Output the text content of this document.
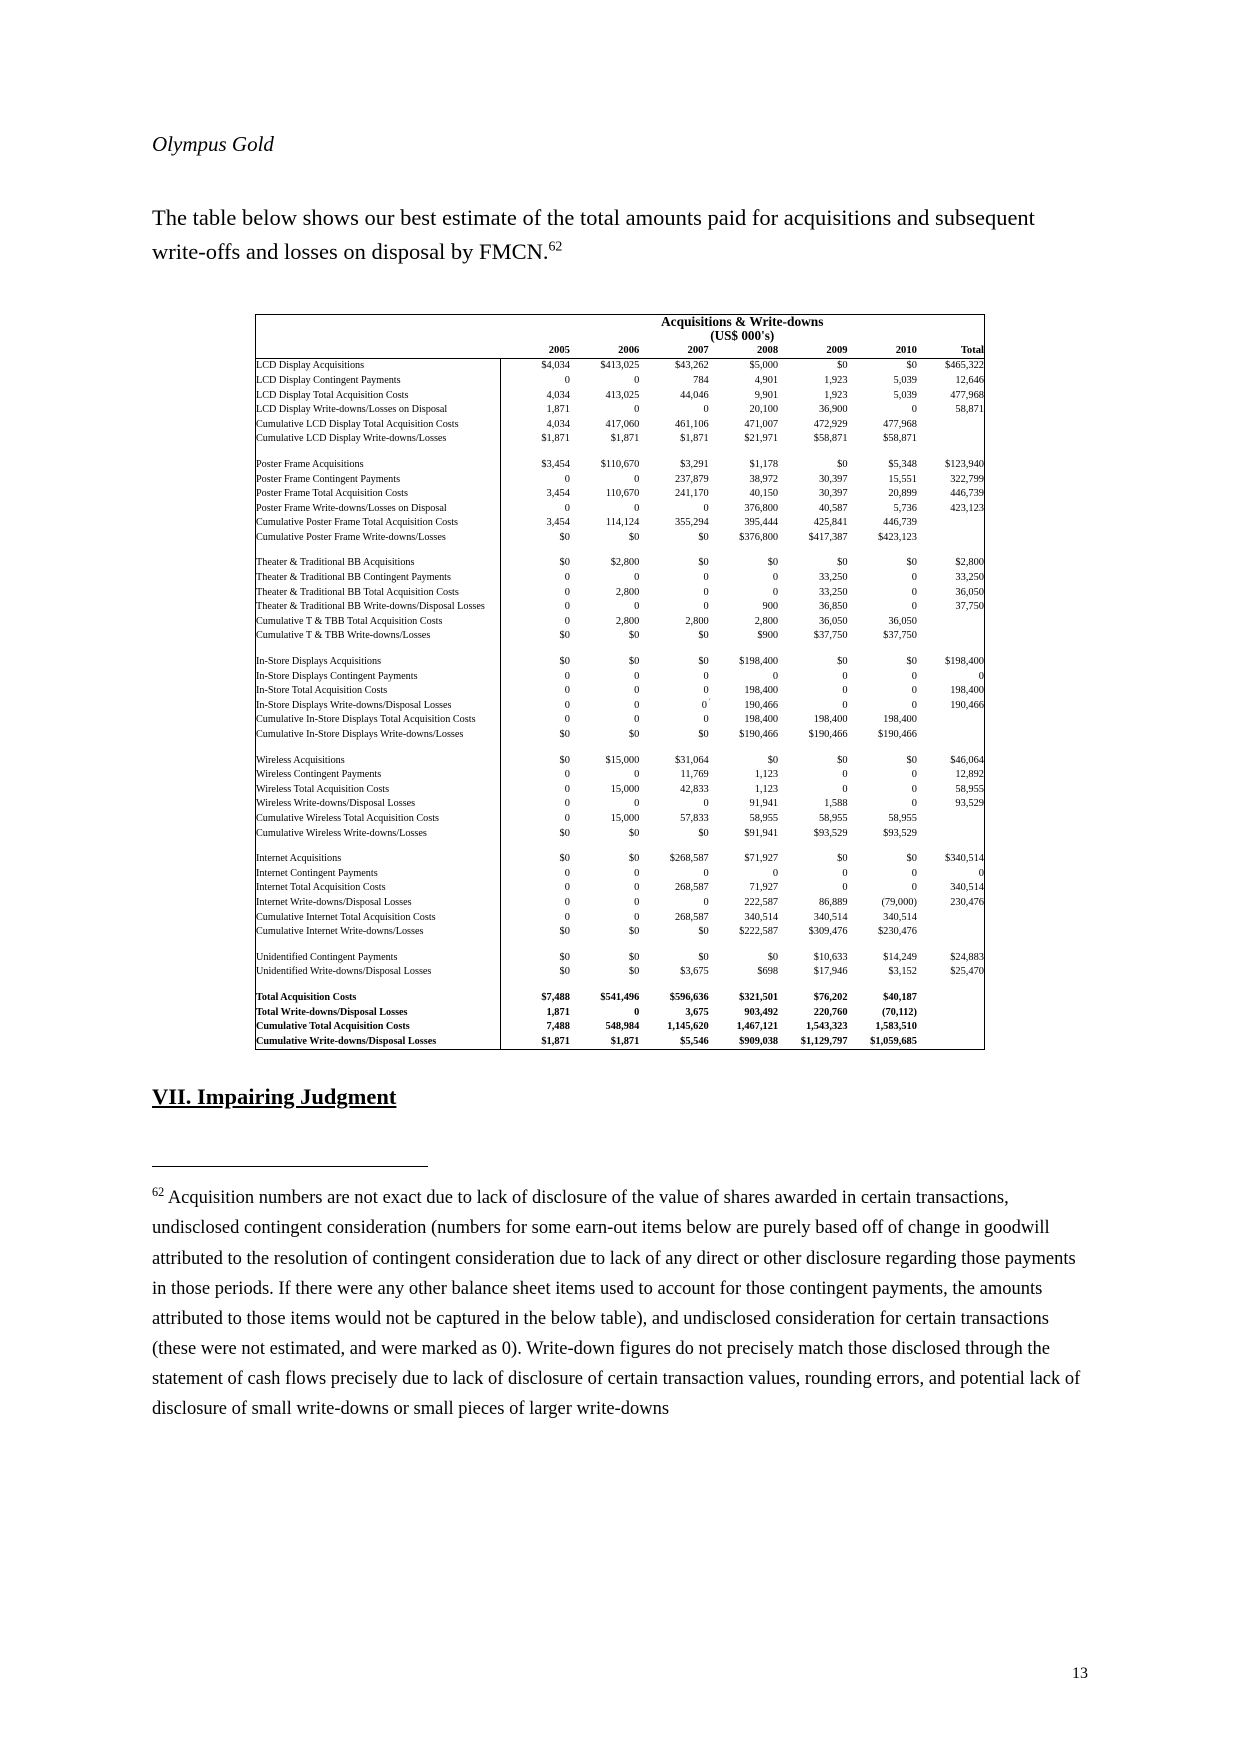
Olympus Gold

The table below shows our best estimate of the total amounts paid for acquisitions and subsequent write-offs and losses on disposal by FMCN.$^{62}$

	Acquisitions & Write-downs						
	(US$ 000's)						
	2005	2006	2007	2008	2009	2010	Total
LCD Display Acquisitions	$4,034	$413,025	$43,262	$5,000	$0	$0	$465,322
LCD Display Contingent Payments	0	0	784	4,901	1,923	5,039	12,646
LCD Display Total Acquisition Costs	4,034	413,025	44,046	9,901	1,923	5,039	477,968
LCD Display Write-downs/Losses on Disposal	1,871	0	0	20,100	36,900	0	58,871
Cumulative LCD Display Total Acquisition Costs	4,034	417,060	461,106	471,007	472,929	477,968	
Cumulative LCD Display Write-downs/Losses	$1,871	$1,871	$1,871	$21,971	$58,871	$58,871	

Poster Frame Acquisitions	$3,454	$110,670	$3,291	$1,178	$0	$5,348	$123,940
Poster Frame Contingent Payments	0	0	237,879	38,972	30,397	15,551	322,799
Poster Frame Total Acquisition Costs	3,454	110,670	241,170	40,150	30,397	20,899	446,739
Poster Frame Write-downs/Losses on Disposal	0	0	0	376,800	40,587	5,736	423,123
Cumulative Poster Frame Total Acquisition Costs	3,454	114,124	355,294	395,444	425,841	446,739	
Cumulative Poster Frame Write-downs/Losses	$0	$0	$0	$376,800	$417,387	$423,123	

Theater & Traditional BB Acquisitions	$0	$2,800	$0	$0	$0	$0	$2,800
Theater & Traditional BB Contingent Payments	0	0	0	0	33,250	0	33,250
Theater & Traditional BB Total Acquisition Costs	0	2,800	0	0	33,250	0	36,050
Theater & Traditional BB Write-downs/Disposal Losses	0	0	0	900	36,850	0	37,750
Cumulative T & TBB Total Acquisition Costs	0	2,800	2,800	2,800	36,050	36,050	
Cumulative T & TBB Write-downs/Losses	$0	$0	$0	$900	$37,750	$37,750	

In-Store Displays Acquisitions	$0	$0	$0	$198,400	$0	$0	$198,400
In-Store Displays Contingent Payments	0	0	0	0	0	0	0
In-Store Total Acquisition Costs	0	0	0	198,400	0	0	198,400
In-Store Displays Write-downs/Disposal Losses	0	0	0 ′	190,466	0	0	190,466
Cumulative In-Store Displays Total Acquisition Costs	0	0	0	198,400	198,400	198,400	
Cumulative In-Store Displays Write-downs/Losses	$0	$0	$0	$190,466	$190,466	$190,466	

Wireless Acquisitions	$0	$15,000	$31,064	$0	$0	$0	$46,064
Wireless Contingent Payments	0	0	11,769	1,123	0	0	12,892
Wireless Total Acquisition Costs	0	15,000	42,833	1,123	0	0	58,955
Wireless Write-downs/Disposal Losses	0	0	0	91,941	1,588	0	93,529
Cumulative Wireless Total Acquisition Costs	0	15,000	57,833	58,955	58,955	58,955	
Cumulative Wireless Write-downs/Losses	$0	$0	$0	$91,941	$93,529	$93,529	

Internet Acquisitions	$0	$0	$268,587	$71,927	$0	$0	$340,514
Internet Contingent Payments	0	0	0	0	0	0	0
Internet Total Acquisition Costs	0	0	268,587	71,927	0	0	340,514
Internet Write-downs/Disposal Losses	0	0	0	222,587	86,889	(79,000)	230,476
Cumulative Internet Total Acquisition Costs	0	0	268,587	340,514	340,514	340,514	
Cumulative Internet Write-downs/Losses	$0	$0	$0	$222,587	$309,476	$230,476	

Unidentified Contingent Payments	$0	$0	$0	$0	$10,633	$14,249	$24,883
Unidentified Write-downs/Disposal Losses	$0	$0	$3,675	$698	$17,946	$3,152	$25,470

Total Acquisition Costs	$7,488	$541,496	$596,636	$321,501	$76,202	$40,187	
Total Write-downs/Disposal Losses	1,871	0	3,675	903,492	220,760	(70,112)	
Cumulative Total Acquisition Costs	7,488	548,984	1,145,620	1,467,121	1,543,323	1,583,510	
Cumulative Write-downs/Disposal Losses	$1,871	$1,871	$5,546	$909,038	$1,129,797	$1,059,685	
VII. Impairing Judgment

$^{62}$ Acquisition numbers are not exact due to lack of disclosure of the value of shares awarded in certain transactions, undisclosed contingent consideration (numbers for some earn-out items below are purely based off of change in goodwill attributed to the resolution of contingent consideration due to lack of any direct or other disclosure regarding those payments in those periods. If there were any other balance sheet items used to account for those contingent payments, the amounts attributed to those items would not be captured in the below table), and undisclosed consideration for certain transactions (these were not estimated, and were marked as 0). Write-down figures do not precisely match those disclosed through the statement of cash flows precisely due to lack of disclosure of certain transaction values, rounding errors, and potential lack of disclosure of small write-downs or small pieces of larger write-downs

13
